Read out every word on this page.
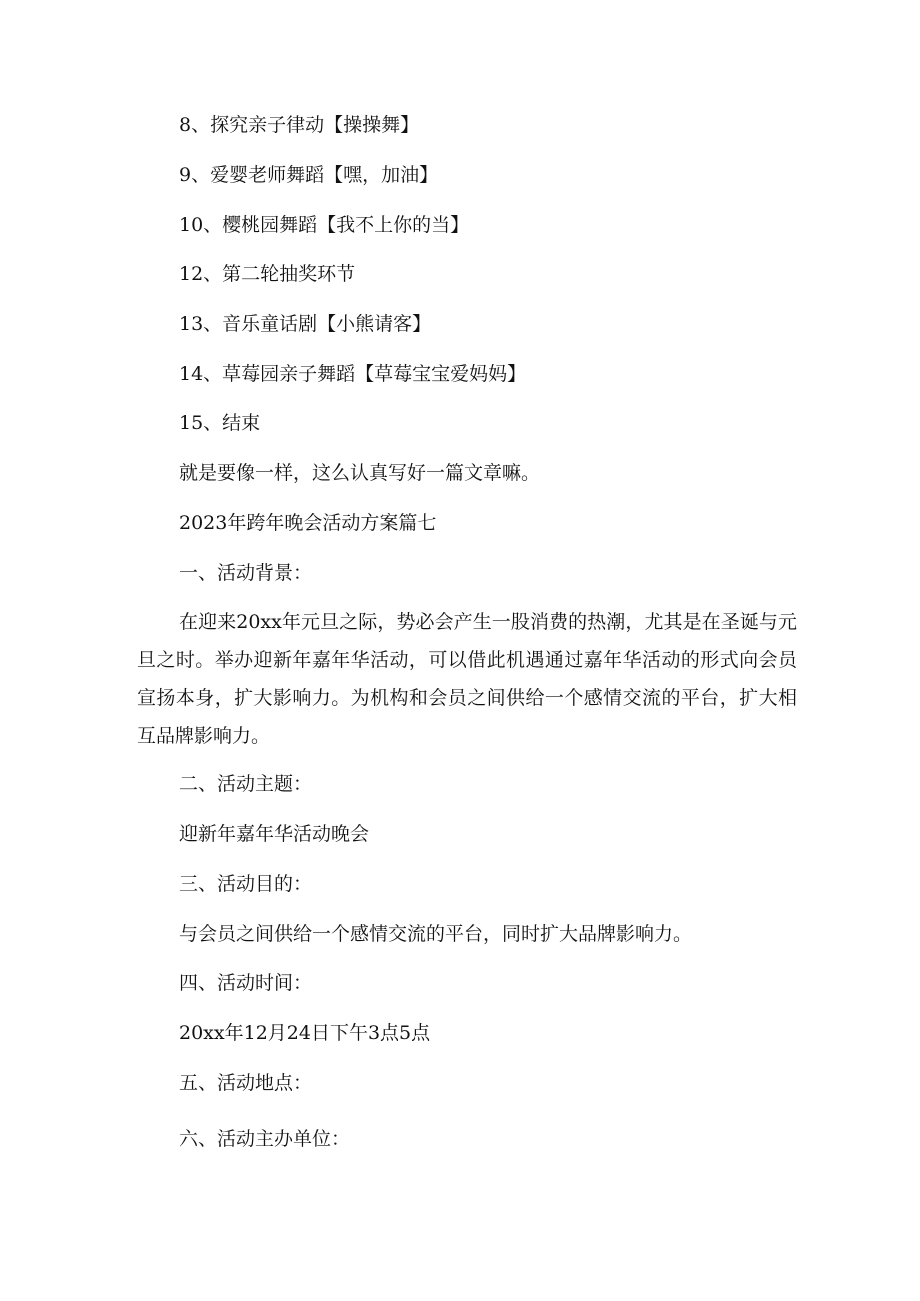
8、探究亲子律动【操操舞】

9、爱婴老师舞蹈【嘿，加油】

10、樱桃园舞蹈【我不上你的当】

12、第二轮抽奖环节

13、音乐童话剧【小熊请客】

14、草莓园亲子舞蹈【草莓宝宝爱妈妈】

15、结束

就是要像一样，这么认真写好一篇文章嘛。

2023年跨年晚会活动方案篇七

一、活动背景：

在迎来20xx年元旦之际，势必会产生一股消费的热潮，尤其是在圣诞与元旦之时。举办迎新年嘉年华活动，可以借此机遇通过嘉年华活动的形式向会员宣扬本身，扩大影响力。为机构和会员之间供给一个感情交流的平台，扩大相互品牌影响力。

二、活动主题：

迎新年嘉年华活动晚会

三、活动目的：

与会员之间供给一个感情交流的平台，同时扩大品牌影响力。

四、活动时间：

20xx年12月24日下午3点5点

五、活动地点：

六、活动主办单位：
